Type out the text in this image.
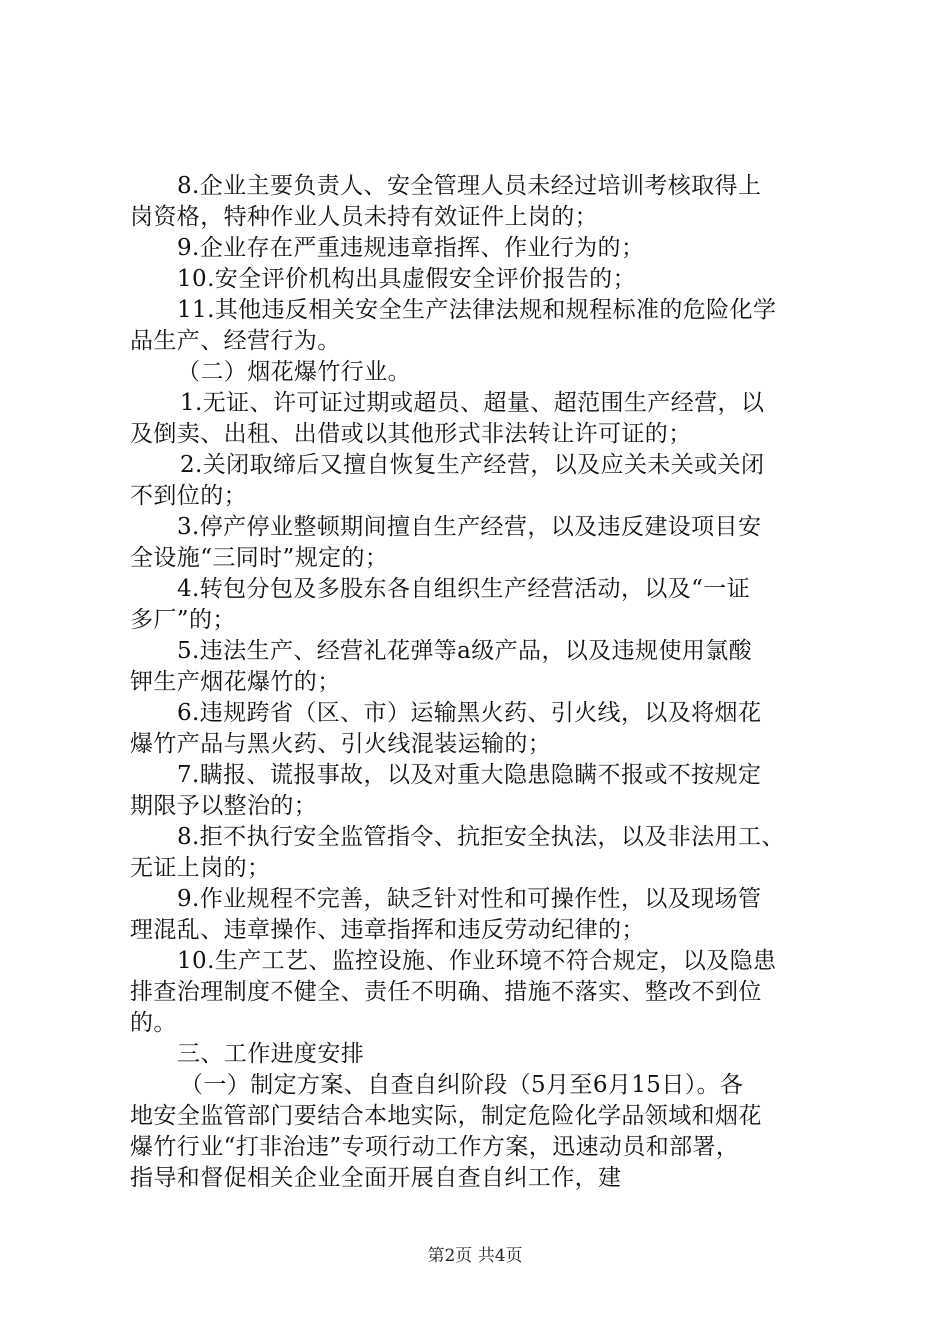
8.企业主要负责人、安全管理人员未经过培训考核取得上
岗资格，特种作业人员未持有效证件上岗的；
9.企业存在严重违规违章指挥、作业行为的；
10.安全评价机构出具虚假安全评价报告的；
11.其他违反相关安全生产法律法规和规程标准的危险化学
品生产、经营行为。
（二）烟花爆竹行业。
1.无证、许可证过期或超员、超量、超范围生产经营，以
及倒卖、出租、出借或以其他形式非法转让许可证的；
2.关闭取缔后又擅自恢复生产经营，以及应关未关或关闭
不到位的；
3.停产停业整顿期间擅自生产经营，以及违反建设项目安
全设施“三同时”规定的；
4.转包分包及多股东各自组织生产经营活动，以及“一证
多厂”的；
5.违法生产、经营礼花弹等a级产品，以及违规使用氯酸
钾生产烟花爆竹的；
6.违规跨省（区、市）运输黑火药、引火线，以及将烟花
爆竹产品与黑火药、引火线混装运输的；
7.瞒报、谎报事故，以及对重大隐患隐瞒不报或不按规定
期限予以整治的；
8.拒不执行安全监管指令、抗拒安全执法，以及非法用工、
无证上岗的；
9.作业规程不完善，缺乏针对性和可操作性，以及现场管
理混乱、违章操作、违章指挥和违反劳动纪律的；
10.生产工艺、监控设施、作业环境不符合规定，以及隐患
排查治理制度不健全、责任不明确、措施不落实、整改不到位
的。
三、工作进度安排
（一）制定方案、自查自纠阶段（5月至6月15日）。各
地安全监管部门要结合本地实际，制定危险化学品领域和烟花
爆竹行业“打非治违”专项行动工作方案，迅速动员和部署，
指导和督促相关企业全面开展自查自纠工作，建
第2页 共4页
